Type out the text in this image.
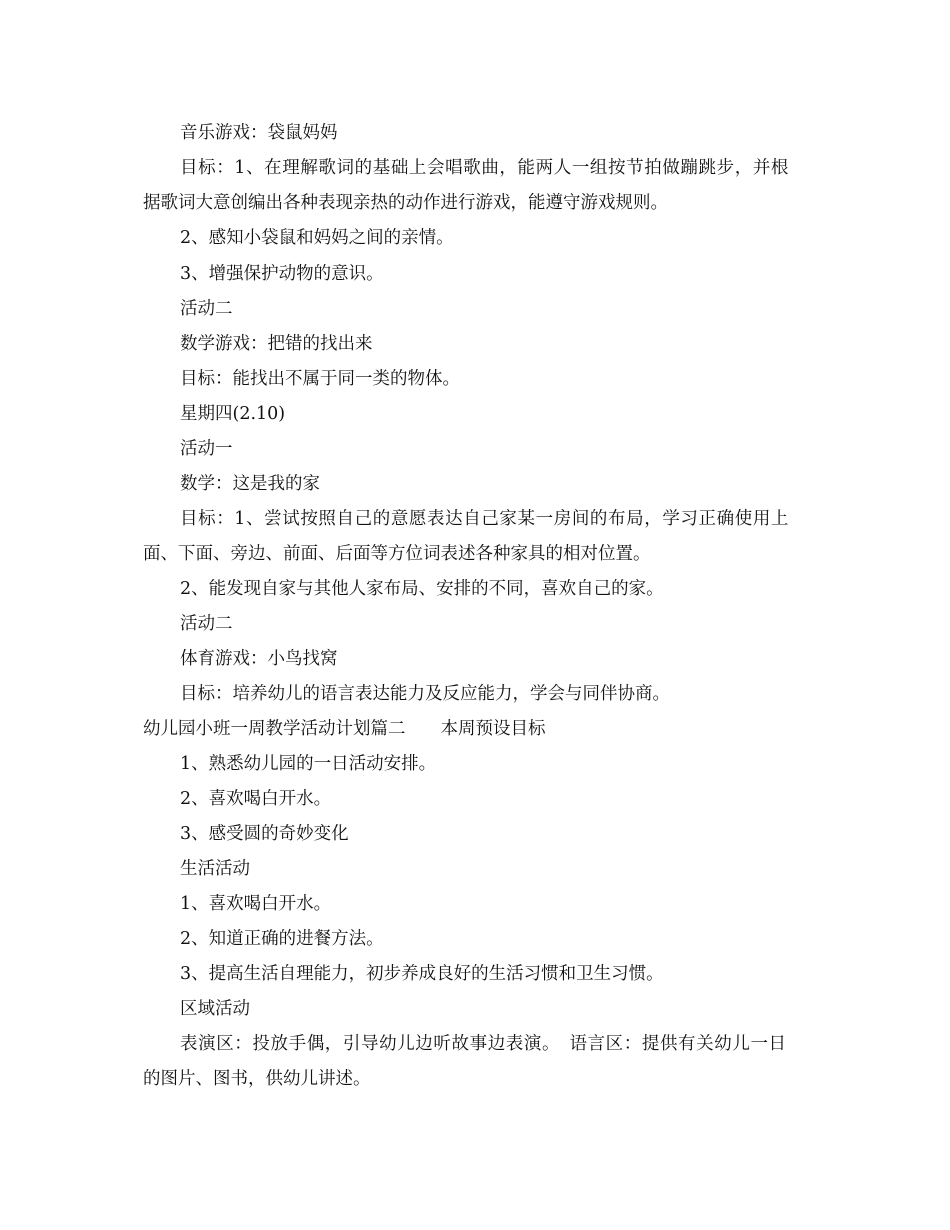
音乐游戏：袋鼠妈妈
目标：1、在理解歌词的基础上会唱歌曲，能两人一组按节拍做蹦跳步，并根
据歌词大意创编出各种表现亲热的动作进行游戏，能遵守游戏规则。
2、感知小袋鼠和妈妈之间的亲情。
3、增强保护动物的意识。
活动二
数学游戏：把错的找出来
目标：能找出不属于同一类的物体。
星期四(2.10)
活动一
数学：这是我的家
目标：1、尝试按照自己的意愿表达自己家某一房间的布局，学习正确使用上
面、下面、旁边、前面、后面等方位词表述各种家具的相对位置。
2、能发现自家与其他人家布局、安排的不同，喜欢自己的家。
活动二
体育游戏：小鸟找窝
目标：培养幼儿的语言表达能力及反应能力，学会与同伴协商。
幼儿园小班一周教学活动计划篇二　　本周预设目标
1、熟悉幼儿园的一日活动安排。
2、喜欢喝白开水。
3、感受圆的奇妙变化
生活活动
1、喜欢喝白开水。
2、知道正确的进餐方法。
3、提高生活自理能力，初步养成良好的生活习惯和卫生习惯。
区域活动
表演区：投放手偶，引导幼儿边听故事边表演。　语言区：提供有关幼儿一日
的图片、图书，供幼儿讲述。
